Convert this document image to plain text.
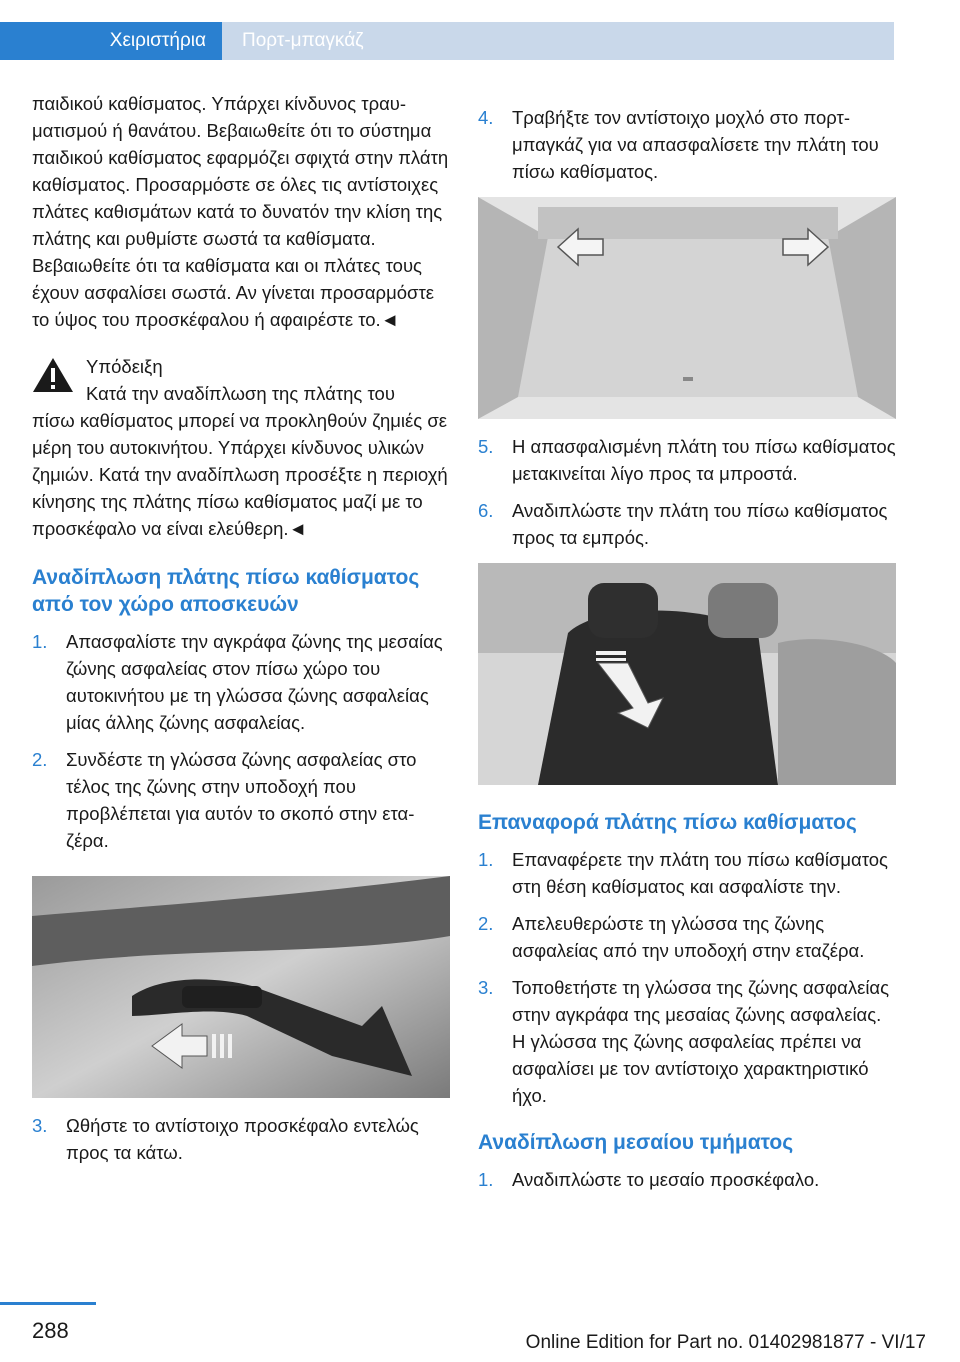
Χειριστήρια	Πορτ-μπαγκάζ

παιδικού καθίσματος. Υπάρχει κίνδυνος τραυματισμού ή θανάτου. Βεβαιωθείτε ότι το σύστημα παιδικού καθίσματος εφαρμόζει σφιχτά στην πλάτη καθίσματος. Προσαρμόστε σε όλες τις αντίστοιχες πλάτες καθισμάτων κατά το δυνατόν την κλίση της πλάτης και ρυθμίστε σωστά τα καθίσματα. Βεβαιωθείτε ότι τα καθίσματα και οι πλάτες τους έχουν ασφαλίσει σωστά. Αν γίνεται προσαρμόστε το ύψος του προσκέφαλου ή αφαιρέστε το.◄

Υπόδειξη
Κατά την αναδίπλωση της πλάτης του
πίσω καθίσματος μπορεί να προκληθούν ζημιές σε μέρη του αυτοκινήτου. Υπάρχει κίνδυνος υλικών ζημιών. Κατά την αναδίπλωση προσέξτε η περιοχή κίνησης της πλάτης πίσω καθίσματος μαζί με το προσκέφαλο να είναι ελεύθερη.◄
Αναδίπλωση πλάτης πίσω καθίσματος από τον χώρο αποσκευών
1.	Απασφαλίστε την αγκράφα ζώνης της μεσαίας ζώνης ασφαλείας στον πίσω χώρο του αυτοκινήτου με τη γλώσσα ζώνης ασφαλείας μίας άλλης ζώνης ασφαλείας.
2.	Συνδέστε τη γλώσσα ζώνης ασφαλείας στο τέλος της ζώνης στην υποδοχή που προβλέπεται για αυτόν το σκοπό στην εταζέρα.
3.	Ωθήστε το αντίστοιχο προσκέφαλο εντελώς προς τα κάτω.
4.	Τραβήξτε τον αντίστοιχο μοχλό στο πορτμπαγκάζ για να απασφαλίσετε την πλάτη του πίσω καθίσματος.
5.	Η απασφαλισμένη πλάτη του πίσω καθίσματος μετακινείται λίγο προς τα μπροστά.
6.	Αναδιπλώστε την πλάτη του πίσω καθίσματος προς τα εμπρός.
Επαναφορά πλάτης πίσω καθίσματος
1.	Επαναφέρετε την πλάτη του πίσω καθίσματος στη θέση καθίσματος και ασφαλίστε την.
2.	Απελευθερώστε τη γλώσσα της ζώνης ασφαλείας από την υποδοχή στην εταζέρα.
3.	Τοποθετήστε τη γλώσσα της ζώνης ασφαλείας στην αγκράφα της μεσαίας ζώνης ασφαλείας. Η γλώσσα της ζώνης ασφαλείας πρέπει να ασφαλίσει με τον αντίστοιχο χαρακτηριστικό ήχο.
Αναδίπλωση μεσαίου τμήματος
1.	Αναδιπλώστε το μεσαίο προσκέφαλο.
288	Online Edition for Part no. 01402981877 - VI/17
